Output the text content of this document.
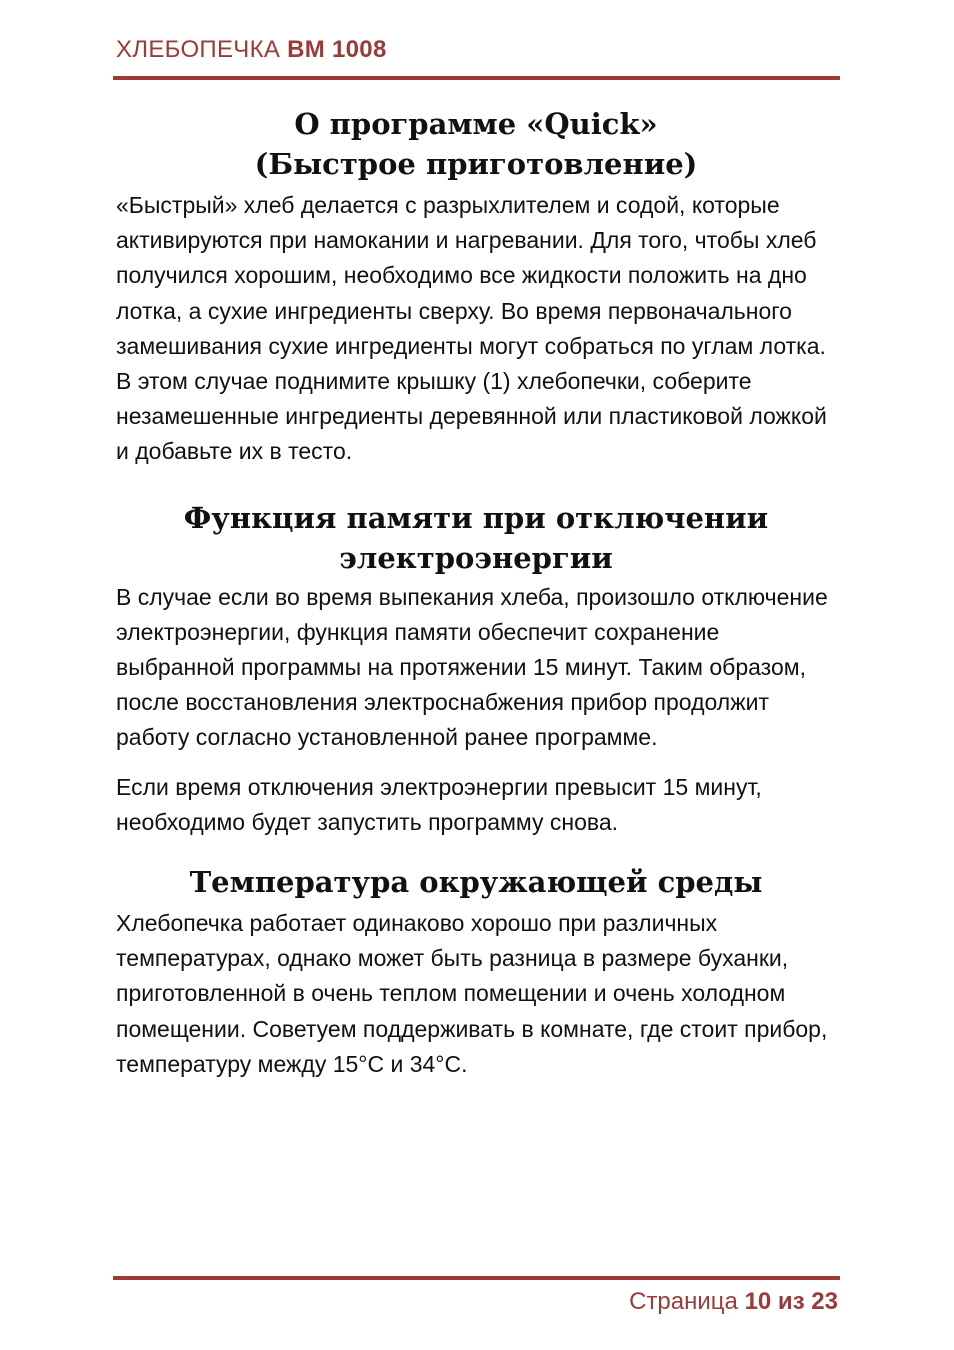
ХЛЕБОПЕЧКА BM 1008
О программе «Quick»
(Быстрое приготовление)

«Быстрый» хлеб делается с разрыхлителем и содой, которые активируются при намокании и нагревании. Для того, чтобы хлеб получился хорошим, необходимо все жидкости положить на дно лотка, а сухие ингредиенты сверху. Во время первоначального замешивания сухие ингредиенты могут собраться по углам лотка. В этом случае поднимите крышку (1) хлебопечки, соберите незамешенные ингредиенты деревянной или пластиковой ложкой и добавьте их в тесто.

Функция памяти при отключении
электроэнергии

В случае если во время выпекания хлеба, произошло отключение электроэнергии, функция памяти обеспечит сохранение выбранной программы на протяжении 15 минут. Таким образом, после восстановления электроснабжения прибор продолжит работу согласно установленной ранее программе.

Если время отключения электроэнергии превысит 15 минут, необходимо будет запустить программу снова.

Температура окружающей среды

Хлебопечка работает одинаково хорошо при различных температурах, однако может быть разница в размере буханки, приготовленной в очень теплом помещении и очень холодном помещении. Советуем поддерживать в комнате, где стоит прибор, температуру между 15°С и 34°С.

Страница 10 из 23
